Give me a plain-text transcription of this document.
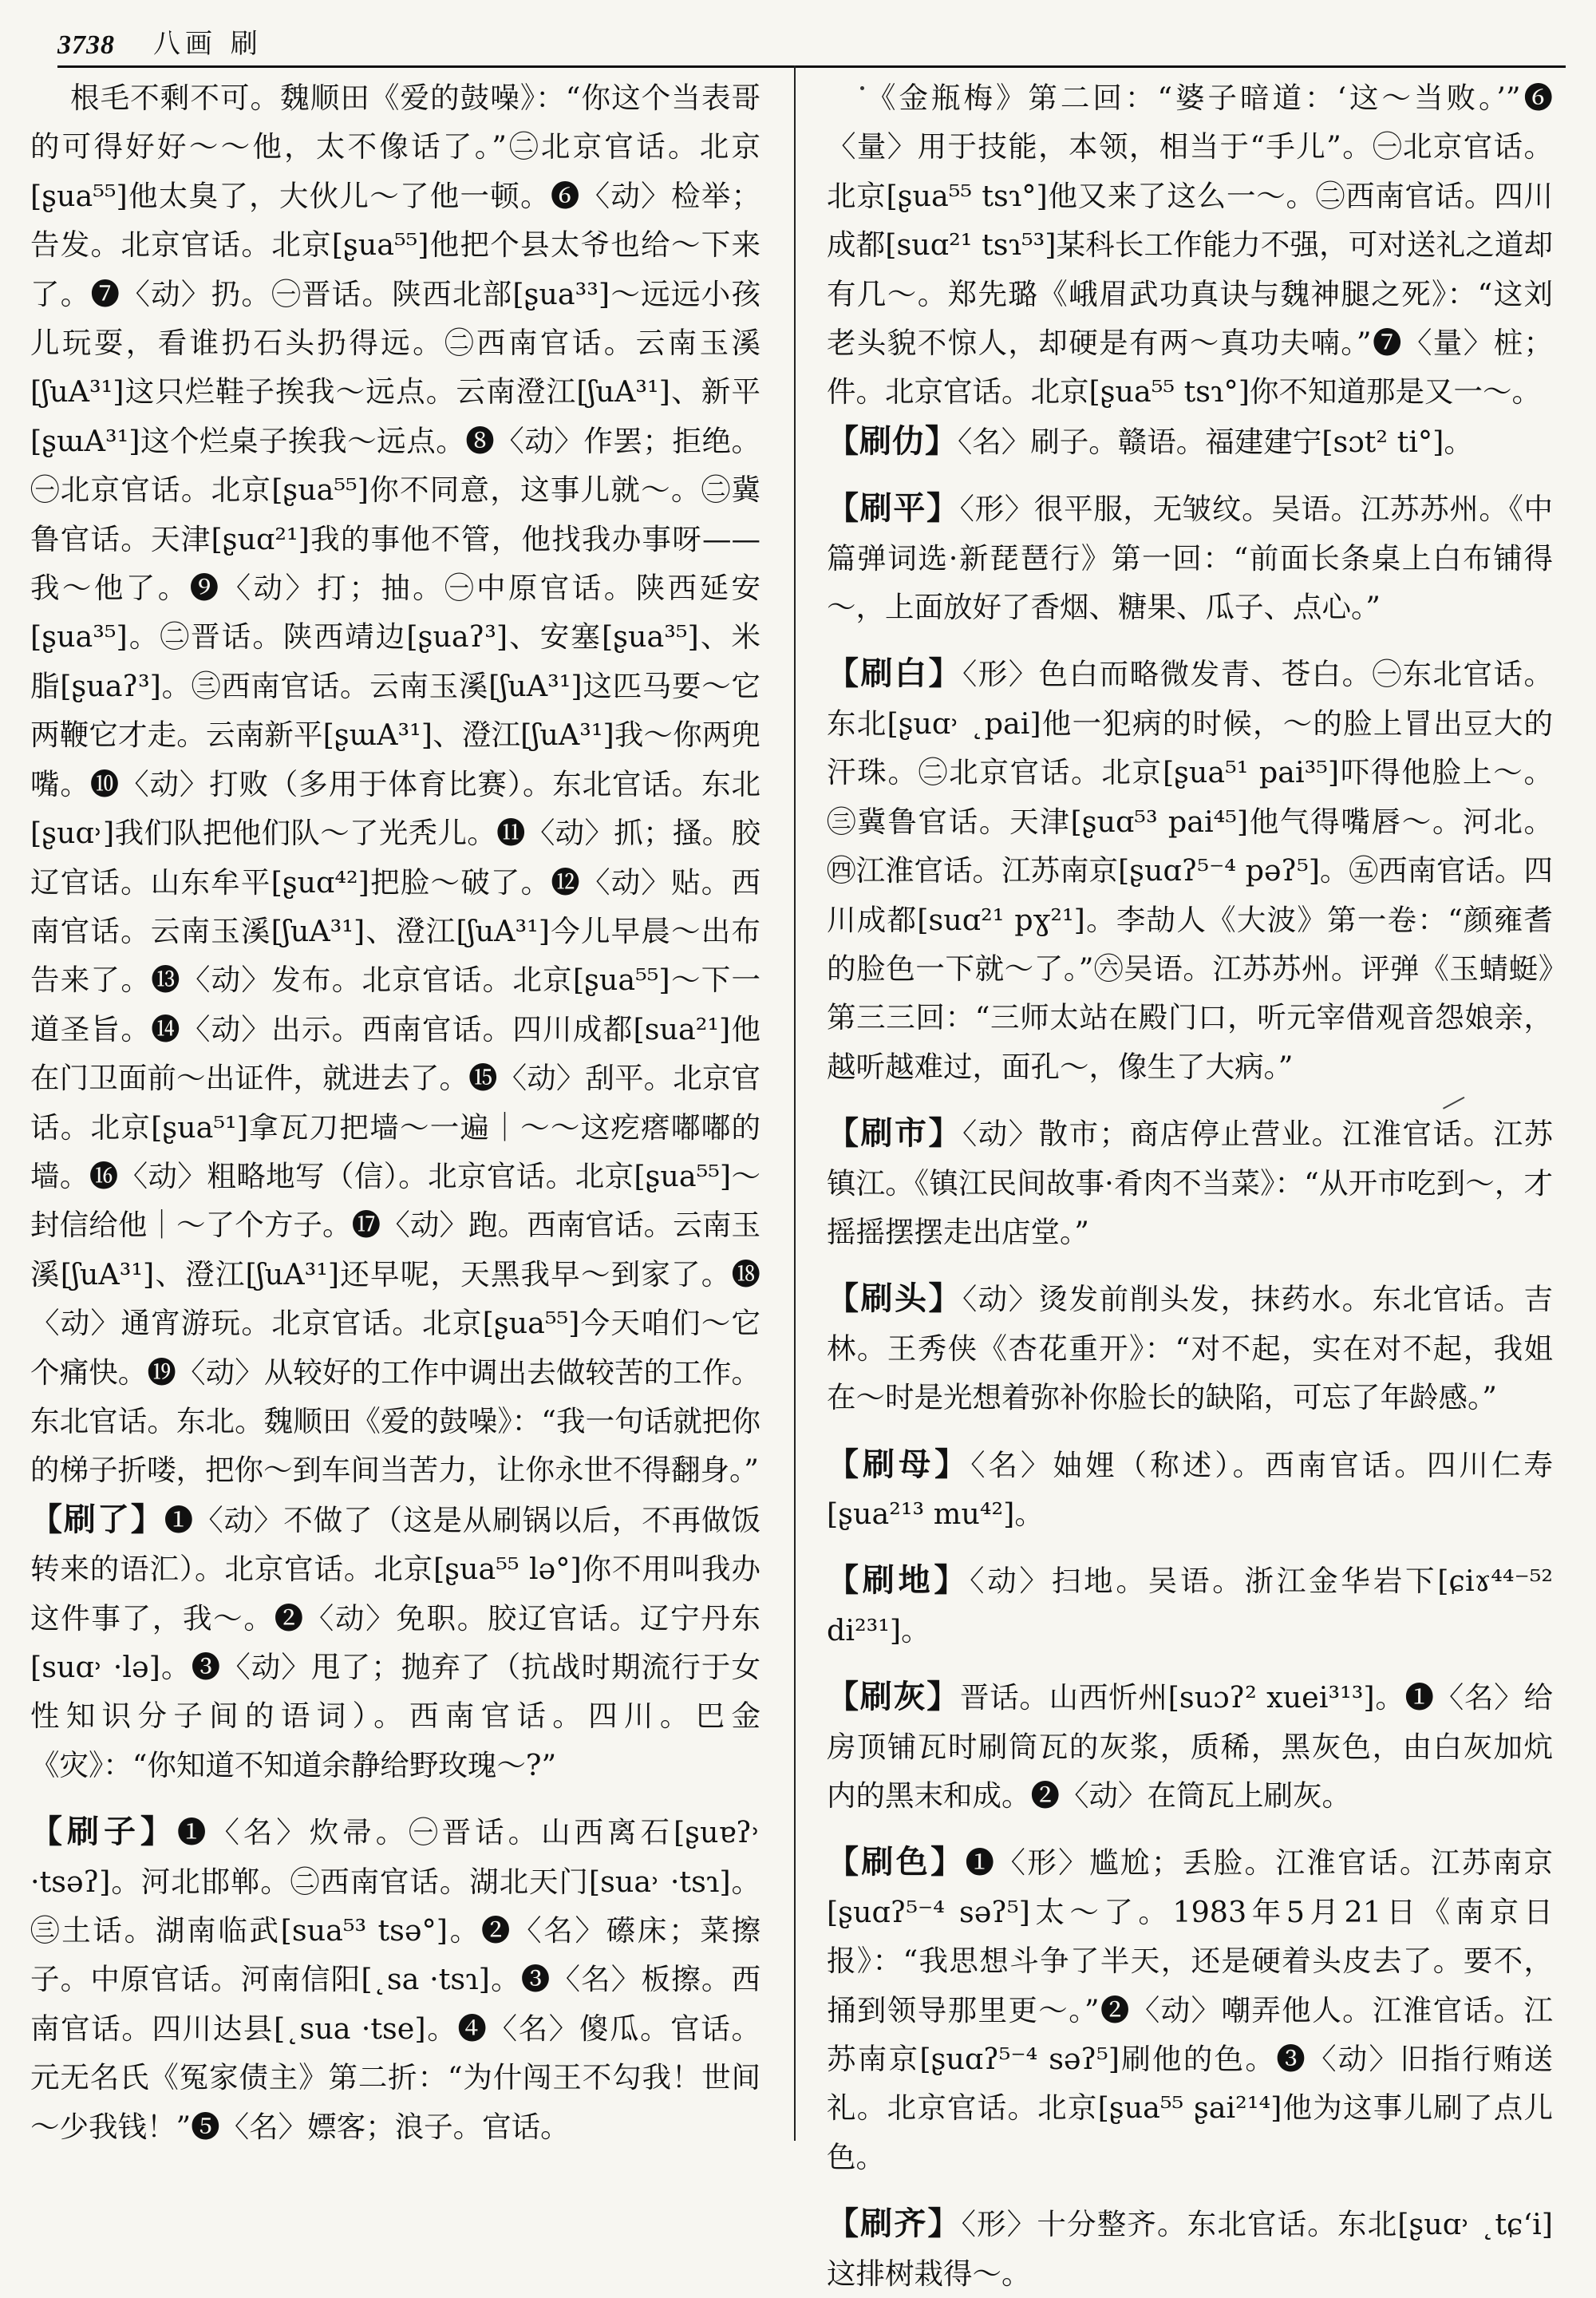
3738 八画 刷

根毛不剩不可。魏顺田《爱的鼓噪》：“你这个当表哥的可得好好～～他，太不像话了。”㊁北京官话。北京[ʂua⁵⁵]他太臭了，大伙儿～了他一顿。❻〈动〉检举；告发。北京官话。北京[ʂua⁵⁵]他把个县太爷也给～下来了。❼〈动〉扔。㊀晋话。陕西北部[ʂua³³]～远远小孩儿玩耍，看谁扔石头扔得远。㊁西南官话。云南玉溪[ʃuA³¹]这只烂鞋子挨我～远点。云南澄江[ʃuA³¹]、新平[ʂɯA³¹]这个烂桌子挨我～远点。❽〈动〉作罢；拒绝。㊀北京官话。北京[ʂua⁵⁵]你不同意，这事儿就～。㊁冀鲁官话。天津[ʂuɑ²¹]我的事他不管，他找我办事呀——我～他了。❾〈动〉打；抽。㊀中原官话。陕西延安[ʂua³⁵]。㊁晋话。陕西靖边[ʂuaʔ³]、安塞[ʂua³⁵]、米脂[ʂuaʔ³]。㊂西南官话。云南玉溪[ʃuA³¹]这匹马要～它两鞭它才走。云南新平[ʂɯA³¹]、澄江[ʃuA³¹]我～你两兜嘴。❿〈动〉打败（多用于体育比赛）。东北官话。东北[ʂuɑ˒]我们队把他们队～了光秃儿。⓫〈动〉抓；搔。胶辽官话。山东牟平[ʂuɑ⁴²]把脸～破了。⓬〈动〉贴。西南官话。云南玉溪[ʃuA³¹]、澄江[ʃuA³¹]今儿早晨～出布告来了。⓭〈动〉发布。北京官话。北京[ʂua⁵⁵]～下一道圣旨。⓮〈动〉出示。西南官话。四川成都[sua²¹]他在门卫面前～出证件，就进去了。⓯〈动〉刮平。北京官话。北京[ʂua⁵¹]拿瓦刀把墙～一遍｜～～这疙瘩嘟嘟的墙。⓰〈动〉粗略地写（信）。北京官话。北京[ʂua⁵⁵]～封信给他｜～了个方子。⓱〈动〉跑。西南官话。云南玉溪[ʃuA³¹]、澄江[ʃuA³¹]还早呢，天黑我早～到家了。⓲〈动〉通宵游玩。北京官话。北京[ʂua⁵⁵]今天咱们～它个痛快。⓳〈动〉从较好的工作中调出去做较苦的工作。东北官话。东北。魏顺田《爱的鼓噪》：“我一句话就把你的梯子折喽，把你～到车间当苦力，让你永世不得翻身。”

【刷了】❶〈动〉不做了（这是从刷锅以后，不再做饭转来的语汇）。北京官话。北京[ʂua⁵⁵ lə°]你不用叫我办这件事了，我～。❷〈动〉免职。胶辽官话。辽宁丹东[suɑ˒ ·lə]。❸〈动〉甩了；抛弃了（抗战时期流行于女性知识分子间的语词）。西南官话。四川。巴金《灾》：“你知道不知道余静给野玫瑰～?”
【刷子】❶〈名〉炊帚。㊀晋话。山西离石[ʂuɐʔ˒ ·tsəʔ]。河北邯郸。㊁西南官话。湖北天门[sua˒ ·tsɿ]。㊂土话。湖南临武[sua⁵³ tsə°]。❷〈名〉礤床；菜擦子。中原官话。河南信阳[˛sa ·tsɿ]。❸〈名〉板擦。西南官话。四川达县[˛sua ·tse]。❹〈名〉傻瓜。官话。元无名氏《冤家债主》第二折：“为什闯王不勾我！世间～少我钱！”❺〈名〉嫖客；浪子。官话。

《金瓶梅》第二回：“婆子暗道：‘这～当败。’”❻〈量〉用于技能，本领，相当于“手儿”。㊀北京官话。北京[ʂua⁵⁵ tsɿ°]他又来了这么一～。㊁西南官话。四川成都[suɑ²¹ tsɿ⁵³]某科长工作能力不强，可对送礼之道却有几～。郑先璐《峨眉武功真诀与魏神腿之死》：“这刘老头貌不惊人，却硬是有两～真功夫喃。”❼〈量〉桩；件。北京官话。北京[ʂua⁵⁵ tsɿ°]你不知道那是又一～。

【刷仂】〈名〉刷子。赣语。福建建宁[sɔt² ti°]。
【刷平】〈形〉很平服，无皱纹。吴语。江苏苏州。《中篇弹词选·新琵琶行》第一回：“前面长条桌上白布铺得～，上面放好了香烟、糖果、瓜子、点心。”
【刷白】〈形〉色白而略微发青、苍白。㊀东北官话。东北[ʂuɑ˒ ˛pai]他一犯病的时候，～的脸上冒出豆大的汗珠。㊁北京官话。北京[ʂua⁵¹ pai³⁵]吓得他脸上～。㊂冀鲁官话。天津[ʂuɑ⁵³ pai⁴⁵]他气得嘴唇～。河北。㊃江淮官话。江苏南京[ʂuɑʔ⁵⁻⁴ pəʔ⁵]。㊄西南官话。四川成都[suɑ²¹ pɣ²¹]。李劼人《大波》第一卷：“颜雍耆的脸色一下就～了。”㊅吴语。江苏苏州。评弹《玉蜻蜓》第三三回：“三师太站在殿门口，听元宰借观音怨娘亲，越听越难过，面孔～，像生了大病。”
【刷市】〈动〉散市；商店停止营业。江淮官话。江苏镇江。《镇江民间故事·肴肉不当菜》：“从开市吃到～，才摇摇摆摆走出店堂。”
【刷头】〈动〉烫发前削头发，抹药水。东北官话。吉林。王秀侠《杏花重开》：“对不起，实在对不起，我姐在～时是光想着弥补你脸长的缺陷，可忘了年龄感。”
【刷母】〈名〉妯娌（称述）。西南官话。四川仁寿[ʂua²¹³ mu⁴²]。
【刷地】〈动〉扫地。吴语。浙江金华岩下[ɕiɤ⁴⁴⁻⁵² di²³¹]。
【刷灰】晋话。山西忻州[suɔʔ² xuei³¹³]。❶〈名〉给房顶铺瓦时刷筒瓦的灰浆，质稀，黑灰色，由白灰加炕内的黑末和成。❷〈动〉在筒瓦上刷灰。
【刷色】❶〈形〉尴尬；丢脸。江淮官话。江苏南京[ʂuɑʔ⁵⁻⁴ səʔ⁵]太～了。1983年5月21日《南京日报》：“我思想斗争了半天，还是硬着头皮去了。要不，捅到领导那里更～。”❷〈动〉嘲弄他人。江淮官话。江苏南京[ʂuɑʔ⁵⁻⁴ səʔ⁵]刷他的色。❸〈动〉旧指行贿送礼。北京官话。北京[ʂua⁵⁵ ʂai²¹⁴]他为这事儿刷了点儿色。
【刷齐】〈形〉十分整齐。东北官话。东北[ʂuɑ˒ ˛tɕʻi]这排树栽得～。
